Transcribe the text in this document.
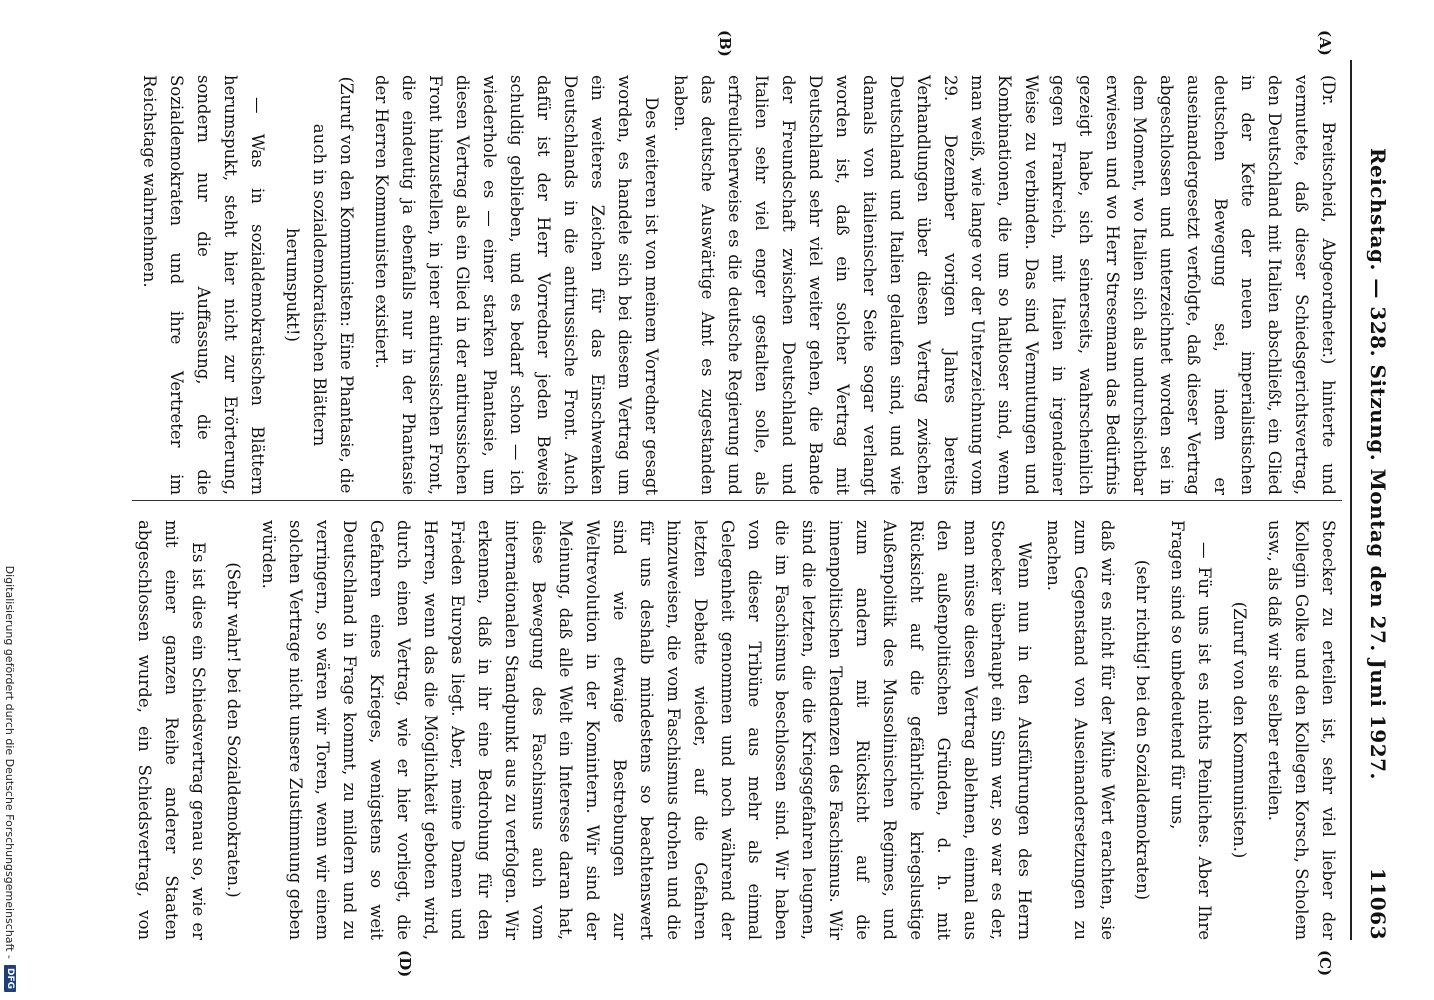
Reichstag. — 328. Sitzung. Montag den 27. Juni 1927.
11063
(A)
(B)
(C)
(D)

(Dr. Breitscheid, Abgeordneter.) hinterte und vermutete, daß dieser Schiedsgerichtsvertrag, den Deutschland mit Italien abschließt, ein Glied in der Kette der neuen imperialistischen deutschen Bewegung sei, indem er auseinandergesetzt verfolgte, daß dieser Vertrag abgeschlossen und unterzeichnet worden sei in dem Moment, wo Italien sich als undurchsichtbar erwiesen und wo Herr Stresemann das Bedürfnis gezeigt habe, sich seinerseits, wahrscheinlich gegen Frankreich, mit Italien in irgendeiner Weise zu verbinden. Das sind Vermutungen und Kombinationen, die um so haltloser sind, wenn man weiß, wie lange vor der Unterzeichnung vom 29. Dezember vorigen Jahres bereits Verhandlungen über diesen Vertrag zwischen Deutschland und Italien gelaufen sind, und wie damals von italienischer Seite sogar verlangt worden ist, daß ein solcher Vertrag mit Deutschland sehr viel weiter gehen, die Bande der Freundschaft zwischen Deutschland und Italien sehr viel enger gestalten solle, als erfreulicherweise es die deutsche Regierung und das deutsche Auswärtige Amt es zugestanden haben.

Des weiteren ist von meinem Vorredner gesagt worden, es handele sich bei diesem Vertrag um ein weiteres Zeichen für das Einschwenken Deutschlands in die antirussische Front. Auch dafür ist der Herr Vorredner jeden Beweis schuldig geblieben, und es bedarf schon — ich wiederhole es — einer starken Phantasie, um diesen Vertrag als ein Glied in der antirussischen Front hinzustellen, in jener antirussischen Front, die eindeutig ja ebenfalls nur in der Phantasie der Herren Kommunisten existiert.

(Zuruf von den Kommunisten: Eine Phantasie, die auch in sozialdemokratischen Blättern herumspukt!)

— Was in sozialdemokratischen Blättern herumspukt, steht hier nicht zur Erörterung, sondern nur die Auffassung, die die Sozialdemokraten und ihre Vertreter im Reichstage wahrnehmen.

Stoecker zu erteilen ist, sehr viel lieber der Kollegin Golke und den Kollegen Korsch, Scholem usw., als daß wir sie selber erteilen.

(Zuruf von den Kommunisten.)

— Für uns ist es nichts Peinliches. Aber Ihre Fragen sind so unbedeutend für uns,

(sehr richtig! bei den Sozialdemokraten)

daß wir es nicht für der Mühe Wert erachten, sie zum Gegenstand von Auseinandersetzungen zu machen.

Wenn nun in den Ausführungen des Herrn Stoecker überhaupt ein Sinn war, so war es der, man müsse diesen Vertrag ablehnen, einmal aus den außenpolitischen Gründen, d. h. mit Rücksicht auf die gefährliche kriegslustige Außenpolitik des Mussolinischen Regimes, und zum andern mit Rücksicht auf die innenpolitischen Tendenzen des Faschismus. Wir sind die letzten, die die Kriegsgefahren leugnen, die im Faschismus beschlossen sind. Wir haben von dieser Tribüne aus mehr als einmal Gelegenheit genommen und noch während der letzten Debatte wieder, auf die Gefahren hinzuweisen, die vom Faschismus drohen und die für uns deshalb mindestens so beachtenswert sind wie etwaige Bestrebungen zur Weltrevolution in der Komintern. Wir sind der Meinung, daß alle Welt ein Interesse daran hat, diese Bewegung des Faschismus auch vom internationalen Standpunkt aus zu verfolgen. Wir erkennen, daß in ihr eine Bedrohung für den Frieden Europas liegt. Aber, meine Damen und Herren, wenn das die Möglichkeit geboten wird, durch einen Vertrag, wie er hier vorliegt, die Gefahren eines Krieges, wenigstens so weit Deutschland in Frage kommt, zu mildern und zu verringern, so wären wir Toren, wenn wir einem solchen Vertrage nicht unsere Zustimmung geben würden.

(Sehr wahr! bei den Sozialdemokraten.)

Es ist dies ein Schiedsvertrag genau so, wie er mit einer ganzen Reihe anderer Staaten abgeschlossen wurde, ein Schiedsvertrag, von

Digitalisierung gefördert durch die Deutsche Forschungsgemeinschaft -
DFG
